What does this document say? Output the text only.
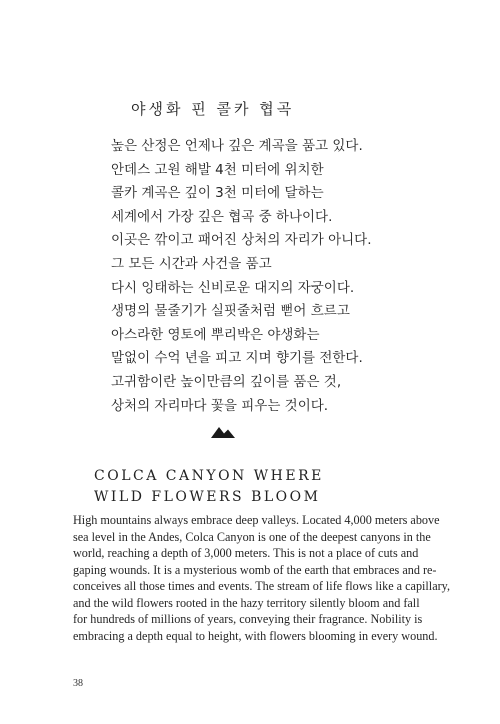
야생화 핀 콜카 협곡
높은 산정은 언제나 깊은 계곡을 품고 있다.
안데스 고원 해발 4천 미터에 위치한
콜카 계곡은 깊이 3천 미터에 달하는
세계에서 가장 깊은 협곡 중 하나이다.
이곳은 깎이고 패어진 상처의 자리가 아니다.
그 모든 시간과 사건을 품고
다시 잉태하는 신비로운 대지의 자궁이다.
생명의 물줄기가 실핏줄처럼 뻗어 흐르고
아스라한 영토에 뿌리박은 야생화는
말없이 수억 년을 피고 지며 향기를 전한다.
고귀함이란 높이만큼의 깊이를 품은 것,
상처의 자리마다 꽃을 피우는 것이다.
COLCA CANYON WHERE
WILD FLOWERS BLOOM
High mountains always embrace deep valleys. Located 4,000 meters above
sea level in the Andes, Colca Canyon is one of the deepest canyons in the
world, reaching a depth of 3,000 meters. This is not a place of cuts and
gaping wounds. It is a mysterious womb of the earth that embraces and re-
conceives all those times and events. The stream of life flows like a capillary,
and the wild flowers rooted in the hazy territory silently bloom and fall
for hundreds of millions of years, conveying their fragrance. Nobility is
embracing a depth equal to height, with flowers blooming in every wound.
38
